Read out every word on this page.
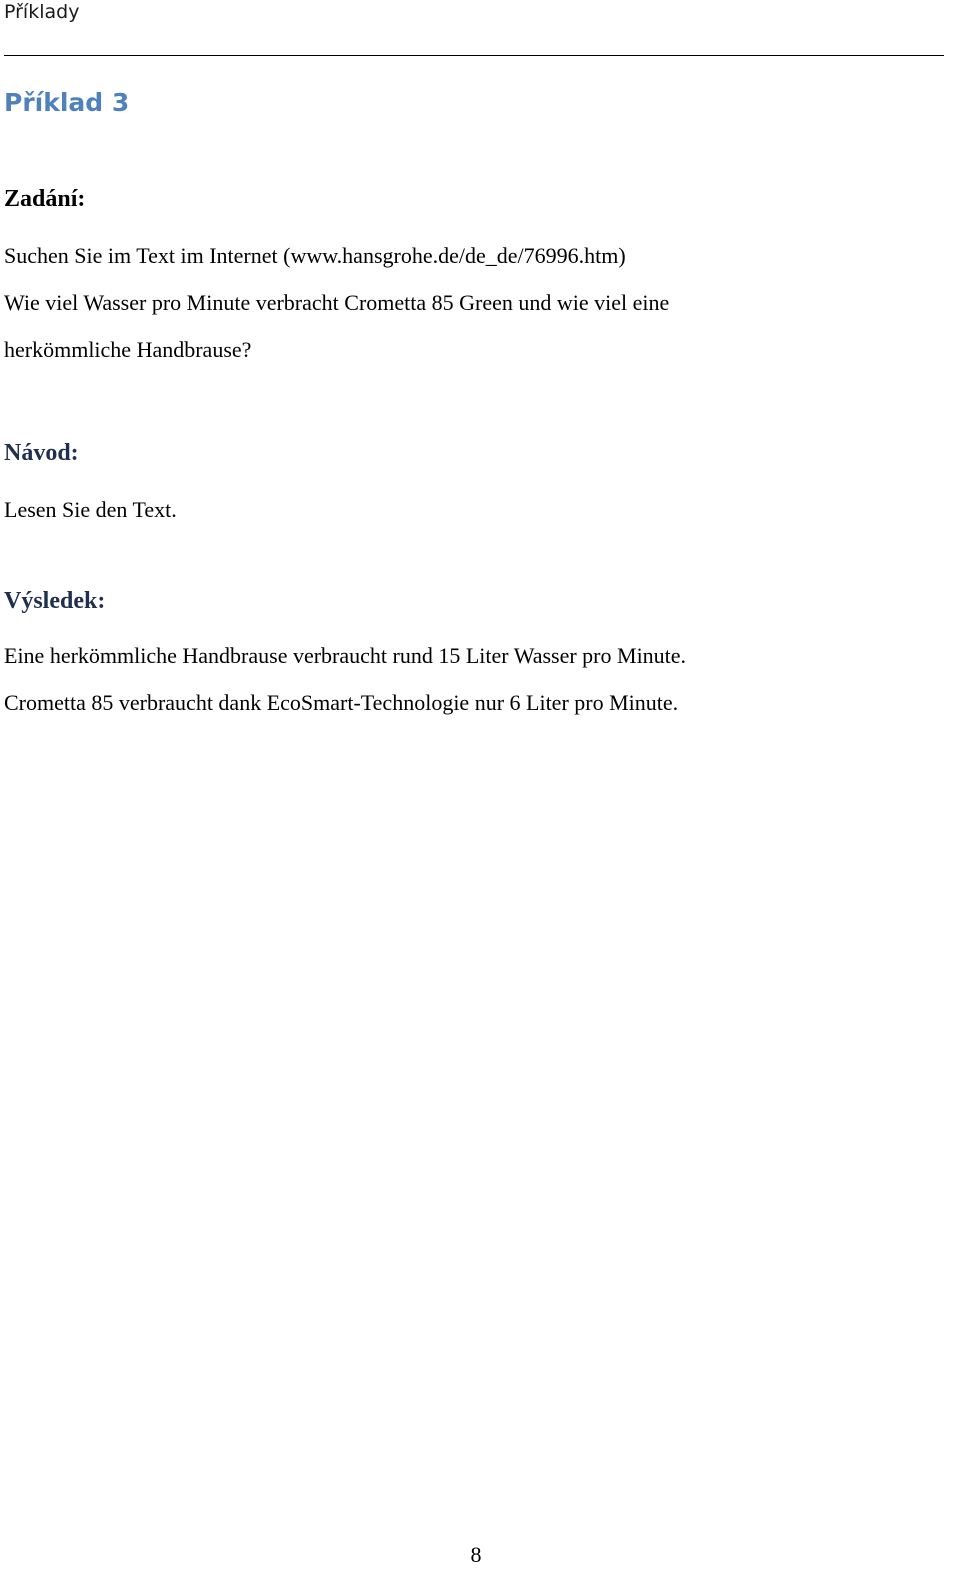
Příklady
Příklad 3

Zadání:

Suchen Sie im Text im Internet (www.hansgrohe.de/de_de/76996.htm)

Wie viel Wasser pro Minute verbracht Crometta 85 Green und wie viel eine

herkömmliche Handbrause?

Návod:

Lesen Sie den Text.

Výsledek:

Eine herkömmliche Handbrause verbraucht rund 15 Liter Wasser pro Minute.

Crometta 85 verbraucht dank EcoSmart-Technologie nur 6 Liter pro Minute.

8
